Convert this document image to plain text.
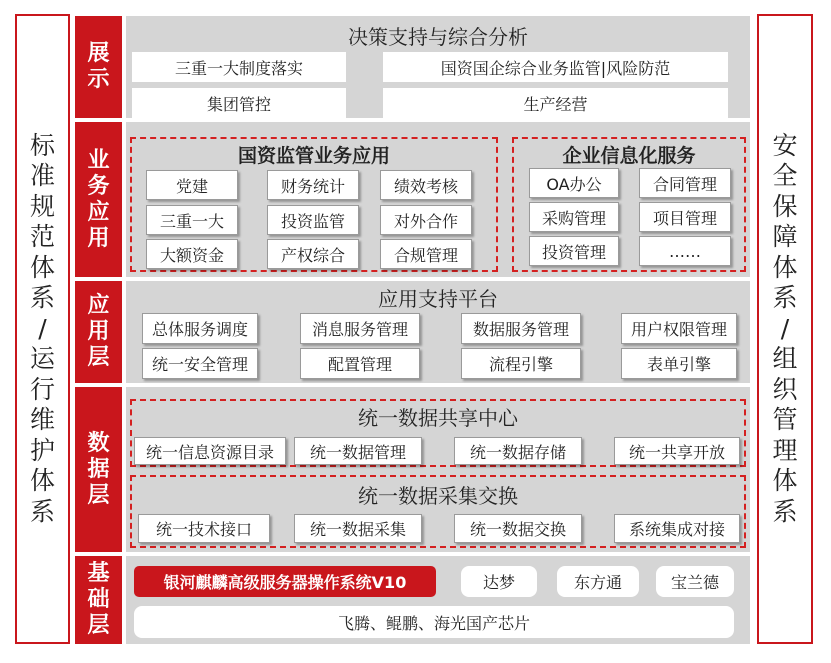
标
准
规
范
体
系
/
运
行
维
护
体
系
安
全
保
障
体
系
/
组
织
管
理
体
系
展
示
业
务
应
用
应
用
层
数
据
层
基
础
层
决策支持与综合分析
三重一大制度落实	国资国企综合业务监管|风险防范
集团管控	生产经营
国资监管业务应用
党建	财务统计	绩效考核
三重一大	投资监管	对外合作
大额资金	产权综合	合规管理
企业信息化服务
OA办公	合同管理
采购管理	项目管理
投资管理	……
应用支持平台
总体服务调度	消息服务管理	数据服务管理	用户权限管理
统一安全管理	配置管理	流程引擎	表单引擎
统一数据共享中心
统一信息资源目录	统一数据管理	统一数据存储	统一共享开放
统一数据采集交换
统一技术接口	统一数据采集	统一数据交换	系统集成对接
银河麒麟高级服务器操作系统V10	达梦	东方通	宝兰德
飞腾、鲲鹏、海光国产芯片
